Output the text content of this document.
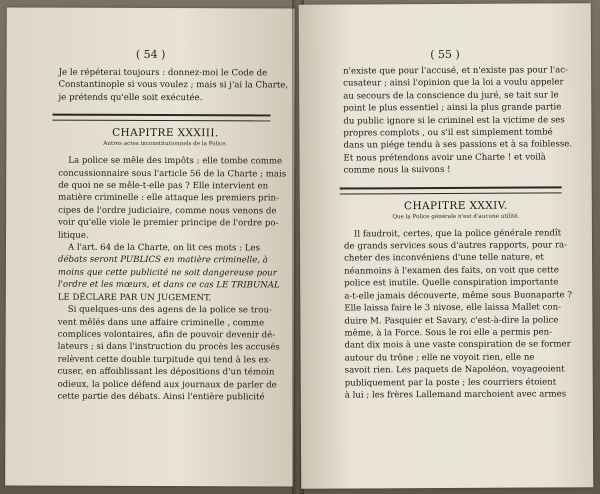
( 54 )
Je le répéterai toujours : donnez-moi le Code de
Constantinople si vous voulez ; mais si j'ai la Charte,
je prétends qu'elle soit exécutée.
CHAPITRE XXXIII.
Autres actes inconstitutionnels de la Police.
La police se mêle des impôts : elle tombe comme
concussionnaire sous l'article 56 de la Charte ; mais
de quoi ne se mêle-t-elle pas ? Elle intervient en
matière criminelle : elle attaque les premiers prin-
cipes de l'ordre judiciaire, comme nous venons de
voir qu'elle viole le premier principe de l'ordre po-
litique.
A l'art. 64 de la Charte, on lit ces mots : Les
débats seront PUBLICS en matière criminelle, à
moins que cette publicité ne soit dangereuse pour
l'ordre et les mœurs, et dans ce cas LE TRIBUNAL
LE DÉCLARE PAR UN JUGEMENT.
Si quelques-uns des agens de la police se trou-
vent mêlés dans une affaire criminelle , comme
complices volontaires, afin de pouvoir devenir dé-
lateurs ; si dans l'instruction du procès les accusés
relèvent cette double turpitude qui tend à les ex-
cuser, en affoiblissant les dépositions d'un témoin
odieux, la police défend aux journaux de parler de
cette partie des débats. Ainsi l'entière publicité
( 55 )
n'existe que pour l'accusé, et n'existe pas pour l'ac-
cusateur ; ainsi l'opinion que la loi a voulu appeler
au secours de la conscience du juré, se tait sur le
point le plus essentiel ; ainsi la plus grande partie
du public ignore si le criminel est la victime de ses
propres complots , ou s'il est simplement tombé
dans un piége tendu à ses passions et à sa foiblesse.
Et nous prétendons avoir une Charte ! et voilà
comme nous la suivons !
CHAPITRE XXXIV.
Que la Police générale n'est d'aucune utilité.
Il faudroit, certes, que la police générale rendît
de grands services sous d'autres rapports, pour ra-
cheter des inconvéniens d'une telle nature, et
néanmoins à l'examen des faits, on voit que cette
police est inutile. Quelle conspiration importante
a-t-elle jamais découverte, même sous Buonaparte ?
Elle laissa faire le 3 nivose, elle laissa Mallet con-
duire M. Pasquier et Savary, c'est-à-dire la police
même, à la Force. Sous le roi elle a permis pen-
dant dix mois à une vaste conspiration de se former
autour du trône ; elle ne voyoit rien, elle ne
savoit rien. Les paquets de Napoléon, voyageoient
publiquement par la poste ; les courriers étoient
à lui ; les frères Lallemand marchoient avec armes
